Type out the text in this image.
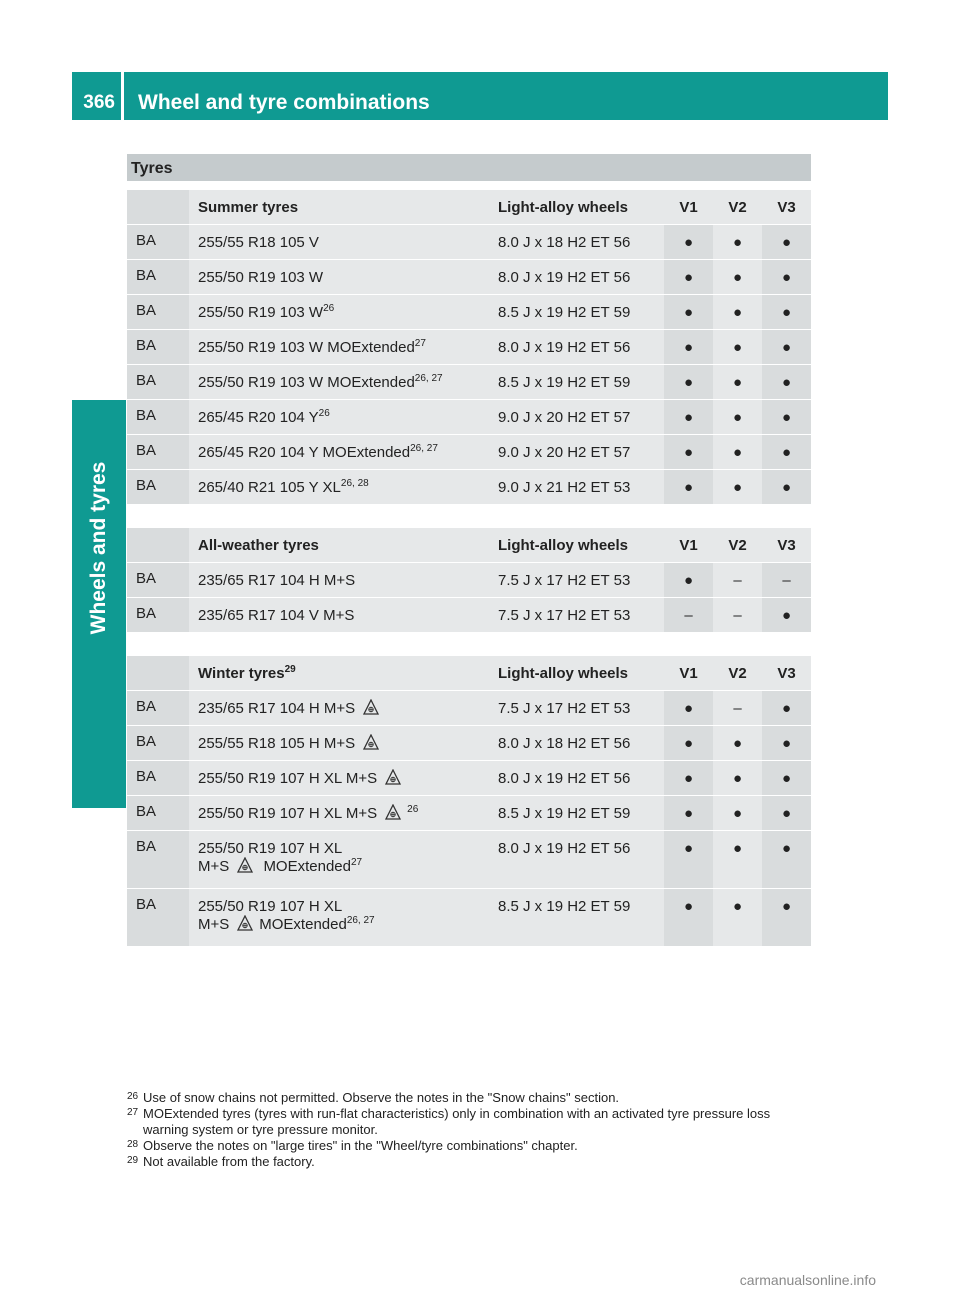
366	Wheel and tyre combinations
Wheels and tyres
Tyres
	Summer tyres	Light-alloy wheels	V1	V2	V3
BA	255/55 R18 105 V	8.0 J x 18 H2 ET 56	●	●	●
BA	255/50 R19 103 W	8.0 J x 19 H2 ET 56	●	●	●
BA	255/50 R19 103 $W^{26}$	8.5 J x 19 H2 ET 59	●	●	●
BA	255/50 R19 103 W MOExtended$^{27}$	8.0 J x 19 H2 ET 56	●	●	●
BA	255/50 R19 103 W MOExtended$^{26, 27}$	8.5 J x 19 H2 ET 59	●	●	●
BA	265/45 R20 104 $Y^{26}$	9.0 J x 20 H2 ET 57	●	●	●
BA	265/45 R20 104 Y MOExtended$^{26, 27}$	9.0 J x 20 H2 ET 57	●	●	●
BA	265/40 R21 105 Y XL$^{26, 28}$	9.0 J x 21 H2 ET 53	●	●	●
	All-weather tyres	Light-alloy wheels	V1	V2	V3
BA	235/65 R17 104 H M+S	7.5 J x 17 H2 ET 53	●	–	–
BA	235/65 R17 104 V M+S	7.5 J x 17 H2 ET 53	–	–	●
	Winter tyres$^{29}$	Light-alloy wheels	V1	V2	V3
BA	235/65 R17 104 H M+S	7.5 J x 17 H2 ET 53	●	–	●
BA	255/55 R18 105 H M+S	8.0 J x 18 H2 ET 56	●	●	●
BA	255/50 R19 107 H XL M+S	8.0 J x 19 H2 ET 56	●	●	●
BA	255/50 R19 107 H XL M+S $^{26}$	8.5 J x 19 H2 ET 59	●	●	●
BA	255/50 R19 107 H XL
M+S MOExtended$^{27}$	8.0 J x 19 H2 ET 56	●	●	●
BA	255/50 R19 107 H XL
M+S MOExtended$^{26, 27}$	8.5 J x 19 H2 ET 59	●	●	●
26 Use of snow chains not permitted. Observe the notes in the "Snow chains" section.
27 MOExtended tyres (tyres with run-flat characteristics) only in combination with an activated tyre pressure loss warning system or tyre pressure monitor.
28 Observe the notes on "large tires" in the "Wheel/tyre combinations" chapter.
29 Not available from the factory.
carmanualsonline.info
